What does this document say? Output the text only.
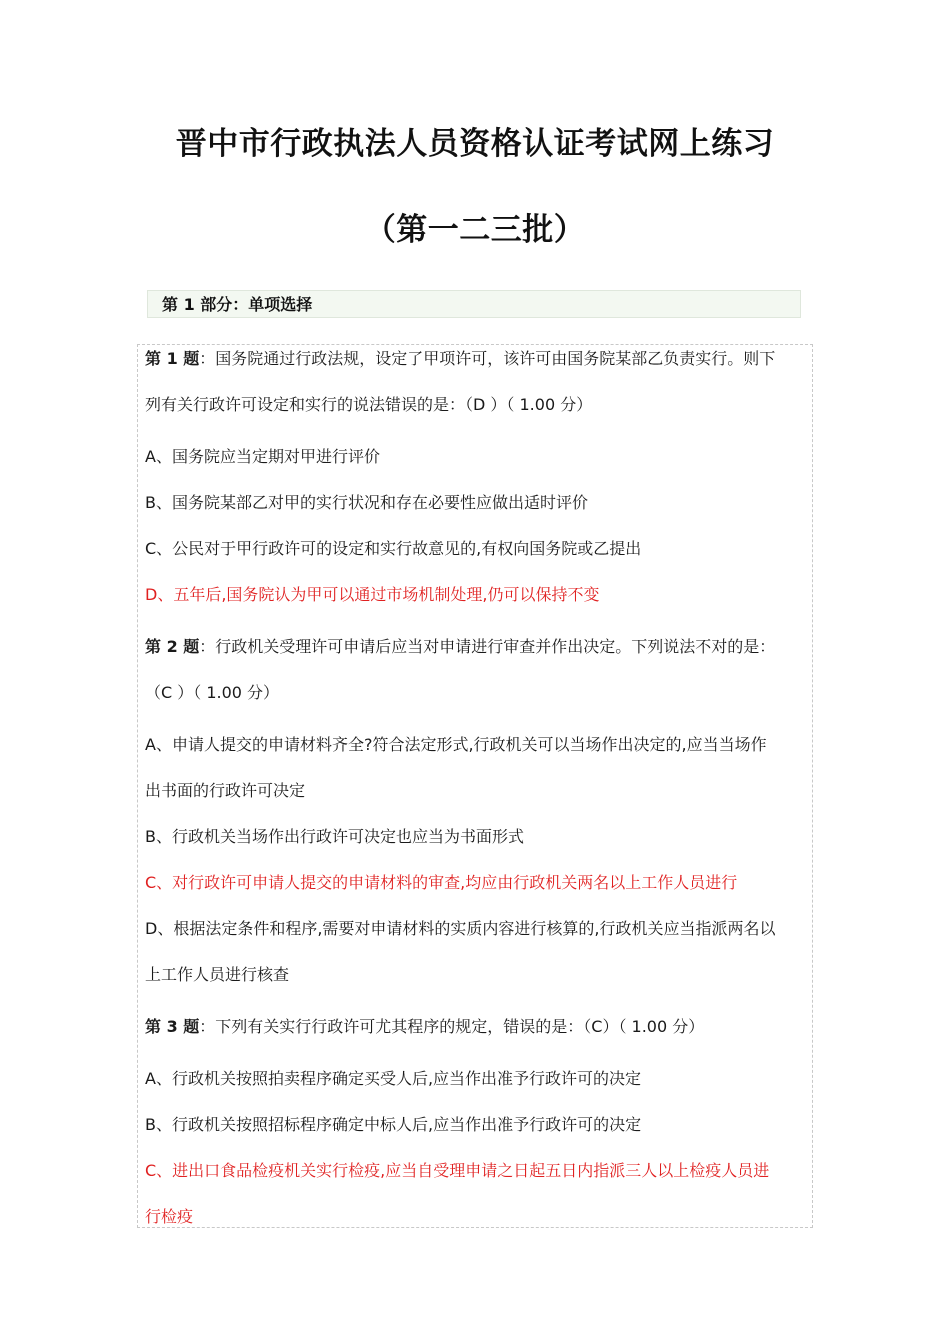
晋中市行政执法人员资格认证考试网上练习
（第一二三批）
第 1 部分：单项选择

第 1 题：国务院通过行政法规，设定了甲项许可，该许可由国务院某部乙负责实行。则下

列有关行政许可设定和实行的说法错误的是：（D ）（ 1.00 分）

A、国务院应当定期对甲进行评价

B、国务院某部乙对甲的实行状况和存在必要性应做出适时评价

C、公民对于甲行政许可的设定和实行故意见的,有权向国务院或乙提出

D、五年后,国务院认为甲可以通过市场机制处理,仍可以保持不变

第 2 题：行政机关受理许可申请后应当对申请进行审查并作出决定。下列说法不对的是：

（C ）（ 1.00 分）

A、申请人提交的申请材料齐全?符合法定形式,行政机关可以当场作出决定的,应当当场作

出书面的行政许可决定

B、行政机关当场作出行政许可决定也应当为书面形式

C、对行政许可申请人提交的申请材料的审查,均应由行政机关两名以上工作人员进行

D、根据法定条件和程序,需要对申请材料的实质内容进行核算的,行政机关应当指派两名以

上工作人员进行核查

第 3 题：下列有关实行行政许可尤其程序的规定，错误的是：（C）（ 1.00 分）

A、行政机关按照拍卖程序确定买受人后,应当作出准予行政许可的决定

B、行政机关按照招标程序确定中标人后,应当作出准予行政许可的决定

C、进出口食品检疫机关实行检疫,应当自受理申请之日起五日内指派三人以上检疫人员进

行检疫
